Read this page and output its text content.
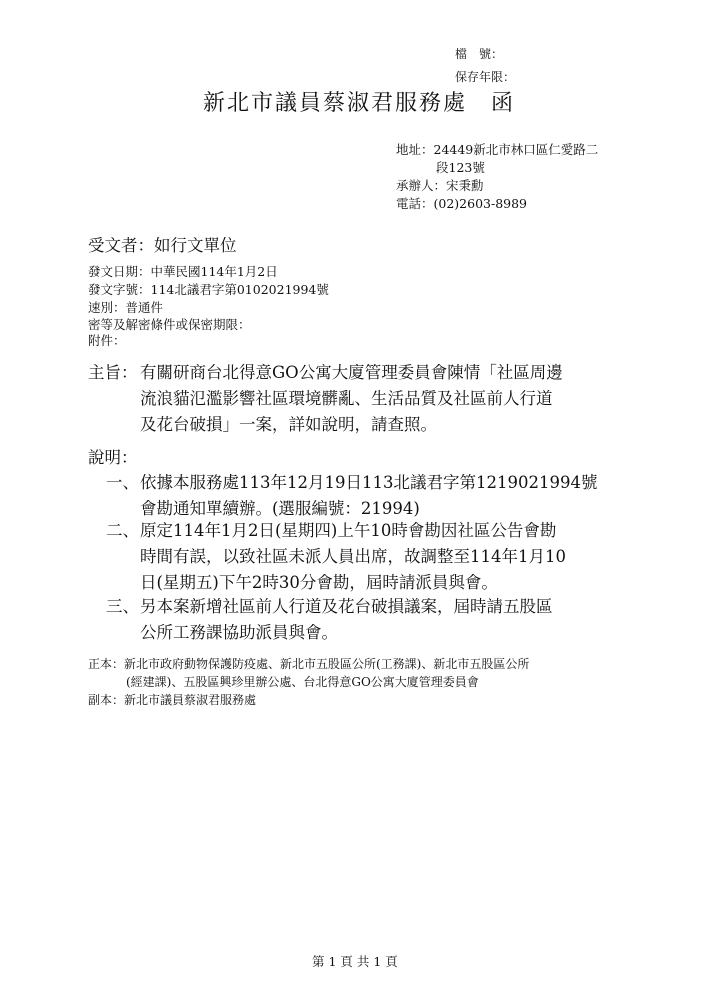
檔　號：
保存年限：
新北市議員蔡淑君服務處　函
地址：24449新北市林口區仁愛路二
段123號
承辦人：宋秉勳
電話：(02)2603-8989
受文者：如行文單位
發文日期：中華民國114年1月2日
發文字號：114北議君字第0102021994號
速別：普通件
密等及解密條件或保密期限：
附件：
主旨： 有關研商台北得意GO公寓大廈管理委員會陳情「社區周邊
流浪貓氾濫影響社區環境髒亂、生活品質及社區前人行道
及花台破損」一案，詳如說明，請查照。
說明：
一、 依據本服務處113年12月19日113北議君字第1219021994號
會勘通知單續辦。(選服編號：21994)
二、 原定114年1月2日(星期四)上午10時會勘因社區公告會勘
時間有誤，以致社區未派人員出席，故調整至114年1月10
日(星期五)下午2時30分會勘，屆時請派員與會。
三、 另本案新增社區前人行道及花台破損議案，屆時請五股區
公所工務課協助派員與會。
正本：新北市政府動物保護防疫處、新北市五股區公所(工務課)、新北市五股區公所
(經建課)、五股區興珍里辦公處、台北得意GO公寓大廈管理委員會
副本：新北市議員蔡淑君服務處
第 1 頁 共 1 頁
